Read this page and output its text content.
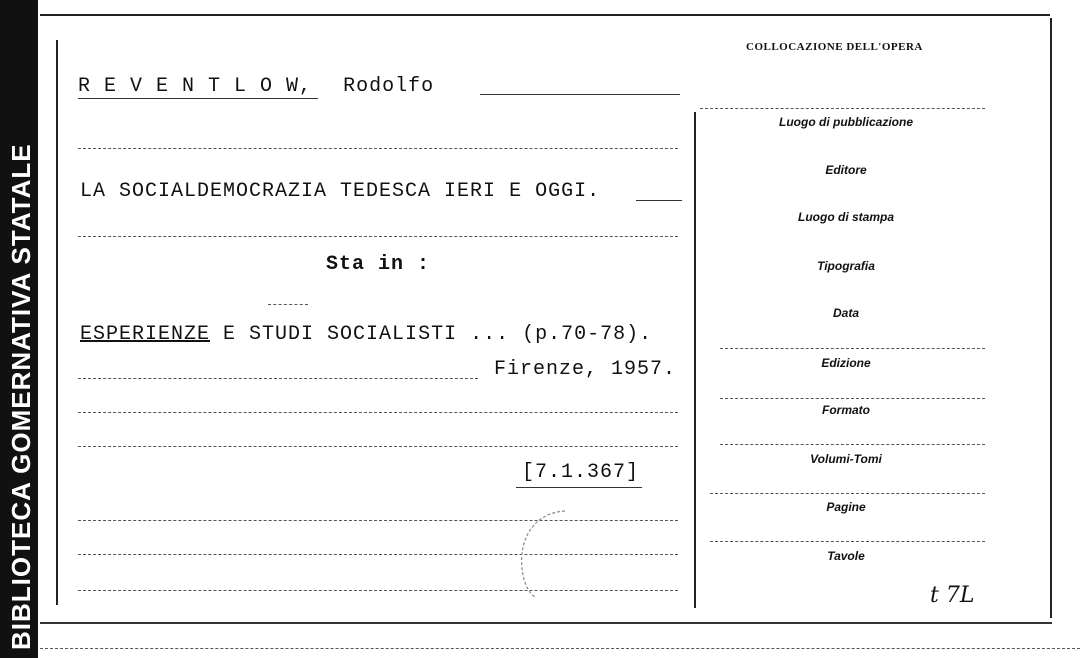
BIBLIOTECA GOMERNATIVA STATALE
COLLOCAZIONE DELL'OPERA
Luogo di pubblicazione
Editore
Luogo di stampa
Tipografia
Data
Edizione
Formato
Volumi-Tomi
Pagine
Tavole
t 7L
R E V E N T L O W, Rodolfo
LA SOCIALDEMOCRAZIA TEDESCA IERI E OGGI.
Sta in :
ESPERIENZE E STUDI SOCIALISTI ... (p.70-78).
Firenze, 1957.
[7.1.367]
